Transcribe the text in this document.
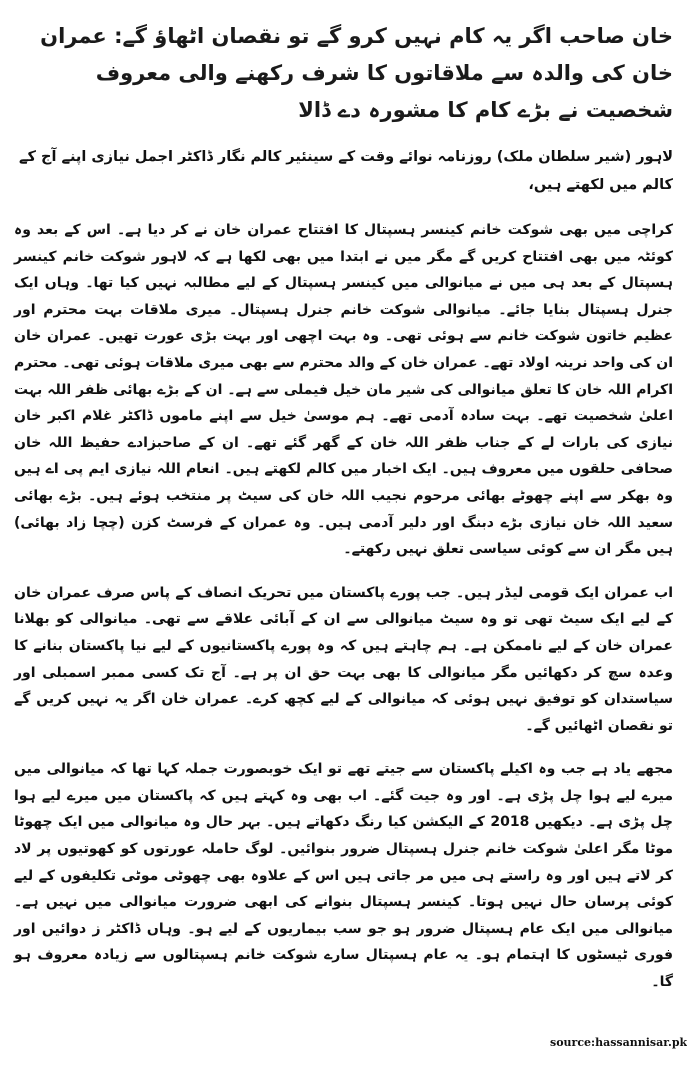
خان صاحب اگر یہ کام نہیں کرو گے تو نقصان اٹھاؤ گے: عمران خان کی والدہ سے ملاقاتوں کا شرف رکھنے والی معروف شخصیت نے بڑے کام کا مشورہ دے ڈالا

لاہور (شیر سلطان ملک) روزنامہ نوائے وقت کے سینئیر کالم نگار ڈاکٹر اجمل نیازی اپنے آج کے کالم میں لکھتے ہیں،

کراچی میں بھی شوکت خانم کینسر ہسپتال کا افتتاح عمران خان نے کر دیا ہے۔ اس کے بعد وہ کوئٹہ میں بھی افتتاح کریں گے مگر میں نے ابتدا میں بھی لکھا ہے کہ لاہور شوکت خانم کینسر ہسپتال کے بعد ہی میں نے میانوالی میں کینسر ہسپتال کے لیے مطالبہ نہیں کیا تھا۔ وہاں ایک جنرل ہسپتال بنایا جائے۔ میانوالی شوکت خانم جنرل ہسپتال۔ میری ملاقات بہت محترم اور عظیم خاتون شوکت خانم سے ہوئی تھی۔ وہ بہت اچھی اور بہت بڑی عورت تھیں۔ عمران خان ان کی واحد نرینہ اولاد تھے۔ عمران خان کے والد محترم سے بھی میری ملاقات ہوئی تھی۔ محترم اکرام اللہ خان کا تعلق میانوالی کی شیر مان خیل فیملی سے ہے۔ ان کے بڑے بھائی ظفر اللہ بہت اعلیٰ شخصیت تھے۔ بہت سادہ آدمی تھے۔ ہم موسیٰ خیل سے اپنے ماموں ڈاکٹر غلام اکبر خان نیازی کی بارات لے کے جناب ظفر اللہ خان کے گھر گئے تھے۔ ان کے صاحبزادے حفیظ اللہ خان صحافی حلقوں میں معروف ہیں۔ ایک اخبار میں کالم لکھتے ہیں۔ انعام اللہ نیازی ایم پی اے ہیں وہ بھکر سے اپنے چھوٹے بھائی مرحوم نجیب اللہ خان کی سیٹ پر منتخب ہوئے ہیں۔ بڑے بھائی سعید اللہ خان نیازی بڑے دبنگ اور دلیر آدمی ہیں۔ وہ عمران کے فرسٹ کزن (چچا زاد بھائی) ہیں مگر ان سے کوئی سیاسی تعلق نہیں رکھتے۔

اب عمران ایک قومی لیڈر ہیں۔ جب پورے پاکستان میں تحریک انصاف کے پاس صرف عمران خان کے لیے ایک سیٹ تھی تو وہ سیٹ میانوالی سے ان کے آبائی علاقے سے تھی۔ میانوالی کو بھلانا عمران خان کے لیے ناممکن ہے۔ ہم چاہتے ہیں کہ وہ پورے پاکستانیوں کے لیے نیا پاکستان بنانے کا وعدہ سچ کر دکھائیں مگر میانوالی کا بھی بہت حق ان پر ہے۔ آج تک کسی ممبر اسمبلی اور سیاستدان کو توفیق نہیں ہوئی کہ میانوالی کے لیے کچھ کرے۔ عمران خان اگر یہ نہیں کریں گے تو نقصان اٹھائیں گے۔

مجھے یاد ہے جب وہ اکیلے پاکستان سے جیتے تھے تو ایک خوبصورت جملہ کہا تھا کہ میانوالی میں میرے لیے ہوا چل پڑی ہے۔ اور وہ جیت گئے۔ اب بھی وہ کہتے ہیں کہ پاکستان میں میرے لیے ہوا چل پڑی ہے۔ دیکھیں 2018 کے الیکشن کیا رنگ دکھاتے ہیں۔ بہر حال وہ میانوالی میں ایک چھوٹا موٹا مگر اعلیٰ شوکت خانم جنرل ہسپتال ضرور بنوائیں۔ لوگ حاملہ عورتوں کو کھوتیوں پر لاد کر لاتے ہیں اور وہ راستے ہی میں مر جاتی ہیں اس کے علاوہ بھی چھوٹی موٹی تکلیفوں کے لیے کوئی پرسان حال نہیں ہوتا۔ کینسر ہسپتال بنوانے کی ابھی ضرورت میانوالی میں نہیں ہے۔ میانوالی میں ایک عام ہسپتال ضرور ہو جو سب بیماریوں کے لیے ہو۔ وہاں ڈاکٹر ز دوائیں اور فوری ٹیسٹوں کا اہتمام ہو۔ یہ عام ہسپتال سارے شوکت خانم ہسپتالوں سے زیادہ معروف ہو گا۔

source:hassannisar.pk
